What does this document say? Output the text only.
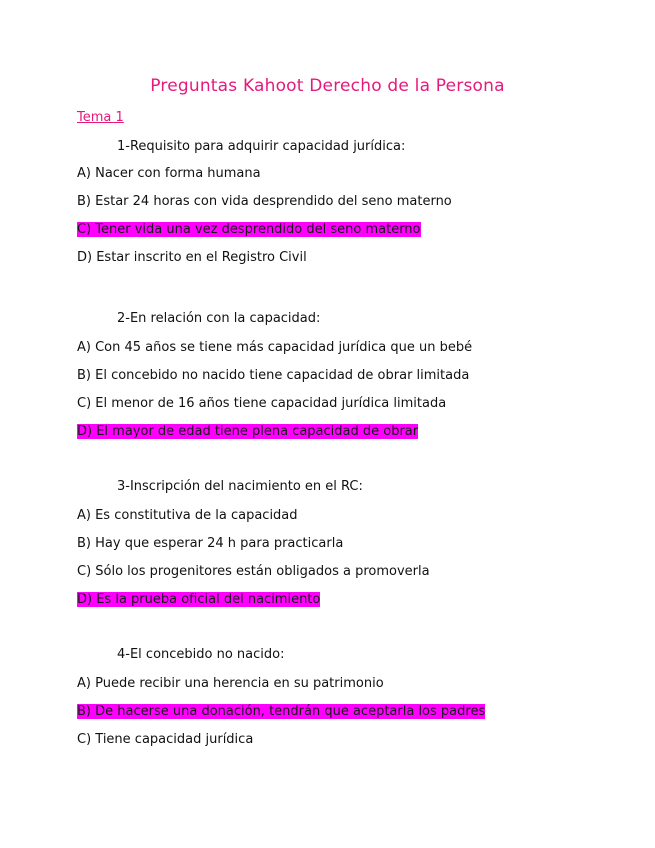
Preguntas Kahoot Derecho de la Persona
Tema 1
1-Requisito para adquirir capacidad jurídica:
A) Nacer con forma humana
B) Estar 24 horas con vida desprendido del seno materno
C) Tener vida una vez desprendido del seno materno
D) Estar inscrito en el Registro Civil
2-En relación con la capacidad:
A) Con 45 años se tiene más capacidad jurídica que un bebé
B) El concebido no nacido tiene capacidad de obrar limitada
C) El menor de 16 años tiene capacidad jurídica limitada
D) El mayor de edad tiene plena capacidad de obrar
3-Inscripción del nacimiento en el RC:
A) Es constitutiva de la capacidad
B) Hay que esperar 24 h para practicarla
C) Sólo los progenitores están obligados a promoverla
D) Es la prueba oficial del nacimiento
4-El concebido no nacido:
A) Puede recibir una herencia en su patrimonio
B) De hacerse una donación, tendrán que aceptarla los padres
C) Tiene capacidad jurídica
